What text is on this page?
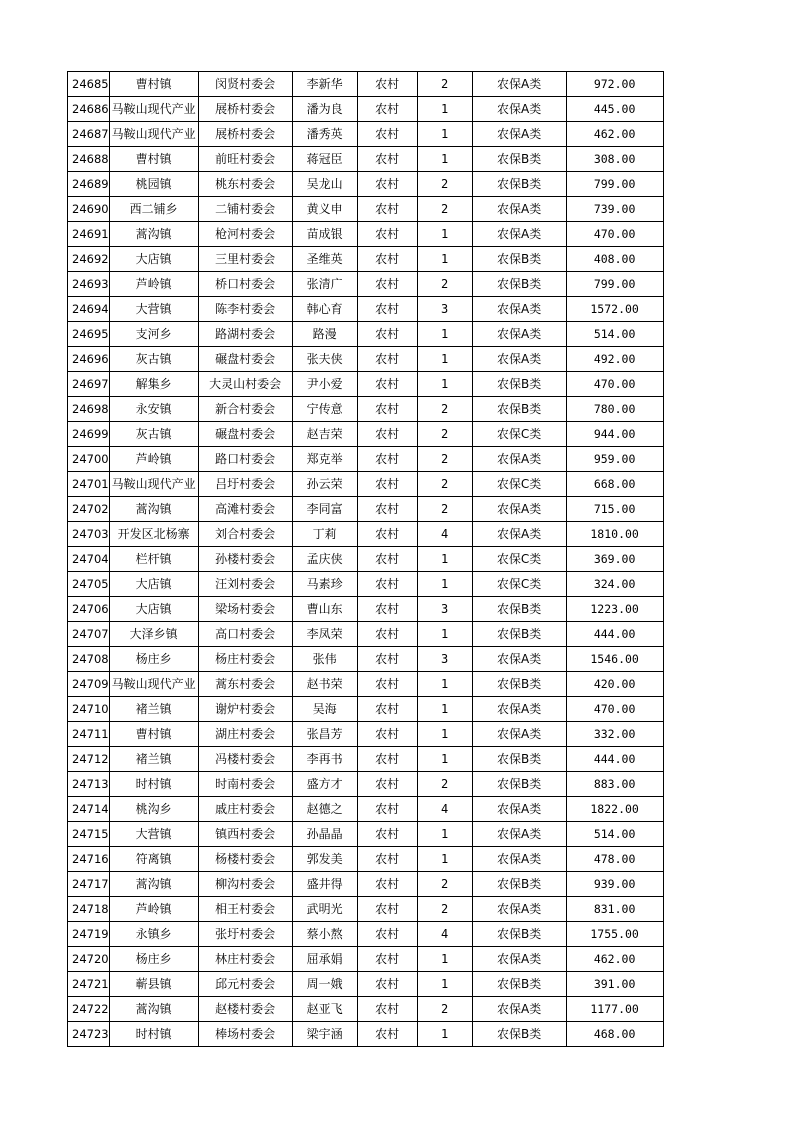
24685	曹村镇	闵贤村委会	李新华	农村	2	农保A类	972.00
24686	马鞍山现代产业	展桥村委会	潘为良	农村	1	农保A类	445.00
24687	马鞍山现代产业	展桥村委会	潘秀英	农村	1	农保A类	462.00
24688	曹村镇	前旺村委会	蒋冠臣	农村	1	农保B类	308.00
24689	桃园镇	桃东村委会	吴龙山	农村	2	农保B类	799.00
24690	西二铺乡	二铺村委会	黄义申	农村	2	农保A类	739.00
24691	蒿沟镇	枪河村委会	苗成银	农村	1	农保A类	470.00
24692	大店镇	三里村委会	圣维英	农村	1	农保B类	408.00
24693	芦岭镇	桥口村委会	张清广	农村	2	农保B类	799.00
24694	大营镇	陈李村委会	韩心育	农村	3	农保A类	1572.00
24695	支河乡	路湖村委会	路漫	农村	1	农保A类	514.00
24696	灰古镇	碾盘村委会	张夫侠	农村	1	农保A类	492.00
24697	解集乡	大灵山村委会	尹小爱	农村	1	农保B类	470.00
24698	永安镇	新合村委会	宁传意	农村	2	农保B类	780.00
24699	灰古镇	碾盘村委会	赵吉荣	农村	2	农保C类	944.00
24700	芦岭镇	路口村委会	郑克举	农村	2	农保A类	959.00
24701	马鞍山现代产业	吕圩村委会	孙云荣	农村	2	农保C类	668.00
24702	蒿沟镇	高滩村委会	李同富	农村	2	农保A类	715.00
24703	开发区北杨寨	刘合村委会	丁莉	农村	4	农保A类	1810.00
24704	栏杆镇	孙楼村委会	孟庆侠	农村	1	农保C类	369.00
24705	大店镇	汪刘村委会	马素珍	农村	1	农保C类	324.00
24706	大店镇	梁场村委会	曹山东	农村	3	农保B类	1223.00
24707	大泽乡镇	高口村委会	李凤荣	农村	1	农保B类	444.00
24708	杨庄乡	杨庄村委会	张伟	农村	3	农保A类	1546.00
24709	马鞍山现代产业	蒿东村委会	赵书荣	农村	1	农保B类	420.00
24710	褚兰镇	谢炉村委会	吴海	农村	1	农保A类	470.00
24711	曹村镇	湖庄村委会	张昌芳	农村	1	农保A类	332.00
24712	褚兰镇	冯楼村委会	李再书	农村	1	农保B类	444.00
24713	时村镇	时南村委会	盛方才	农村	2	农保B类	883.00
24714	桃沟乡	戚庄村委会	赵德之	农村	4	农保A类	1822.00
24715	大营镇	镇西村委会	孙晶晶	农村	1	农保A类	514.00
24716	符离镇	杨楼村委会	郭发美	农村	1	农保A类	478.00
24717	蒿沟镇	柳沟村委会	盛井得	农村	2	农保B类	939.00
24718	芦岭镇	相王村委会	武明光	农村	2	农保A类	831.00
24719	永镇乡	张圩村委会	蔡小熬	农村	4	农保B类	1755.00
24720	杨庄乡	林庄村委会	屈承娟	农村	1	农保A类	462.00
24721	蕲县镇	邱元村委会	周一娥	农村	1	农保B类	391.00
24722	蒿沟镇	赵楼村委会	赵亚飞	农村	2	农保A类	1177.00
24723	时村镇	棒场村委会	梁宇涵	农村	1	农保B类	468.00
